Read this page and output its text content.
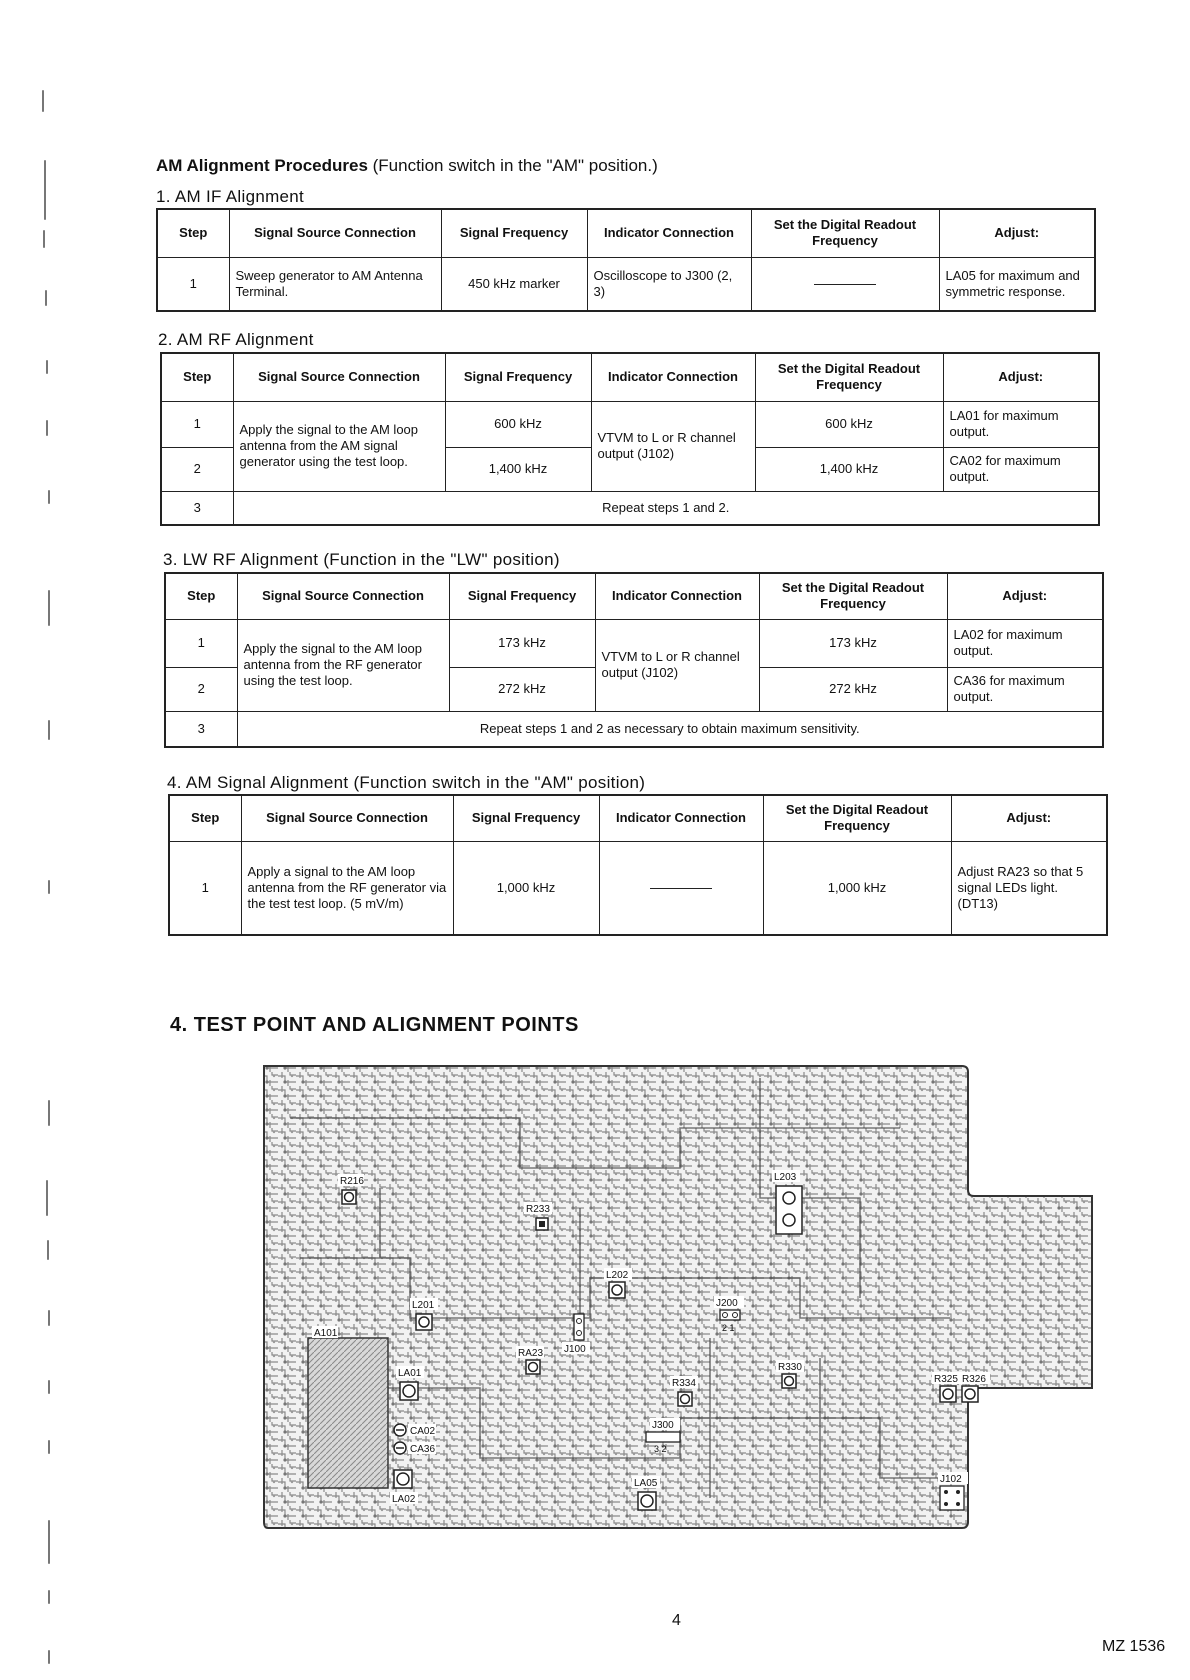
AM Alignment Procedures (Function switch in the "AM" position.)
1. AM IF Alignment
Step	Signal Source Connection	Signal Frequency	Indicator Connection	Set the Digital Readout Frequency	Adjust:
1	Sweep generator to AM Antenna Terminal.	450 kHz marker	Oscilloscope to J300 (2, 3)		LA05 for maximum and symmetric response.
2. AM RF Alignment
Step	Signal Source Connection	Signal Frequency	Indicator Connection	Set the Digital Readout Frequency	Adjust:
1	Apply the signal to the AM loop antenna from the AM signal generator using the test loop.	600 kHz	VTVM to L or R channel output (J102)	600 kHz	LA01 for maximum output.
2		1,400 kHz		1,400 kHz	CA02 for maximum output.
3	Repeat steps 1 and 2.				
3. LW RF Alignment (Function in the "LW" position)
Step	Signal Source Connection	Signal Frequency	Indicator Connection	Set the Digital Readout Frequency	Adjust:
1	Apply the signal to the AM loop antenna from the RF generator using the test loop.	173 kHz	VTVM to L or R channel output (J102)	173 kHz	LA02 for maximum output.
2		272 kHz		272 kHz	CA36 for maximum output.
3	Repeat steps 1 and 2 as necessary to obtain maximum sensitivity.				
4. AM Signal Alignment (Function switch in the "AM" position)
Step	Signal Source Connection	Signal Frequency	Indicator Connection	Set the Digital Readout Frequency	Adjust:
1	Apply a signal to the AM loop antenna from the RF generator via the test test loop. (5 mV/m)	1,000 kHz		1,000 kHz	Adjust RA23 so that 5 signal LEDs light. (DT13)
4. TEST POINT AND ALIGNMENT POINTS
R216
R233
L203
L202
L201	J200
2 1
J100
RA23
A101
LA01
R334
R330
R325 R326
CA02
CA36
J300
3 2
LA02
LA05	J102
4
MZ 1536
